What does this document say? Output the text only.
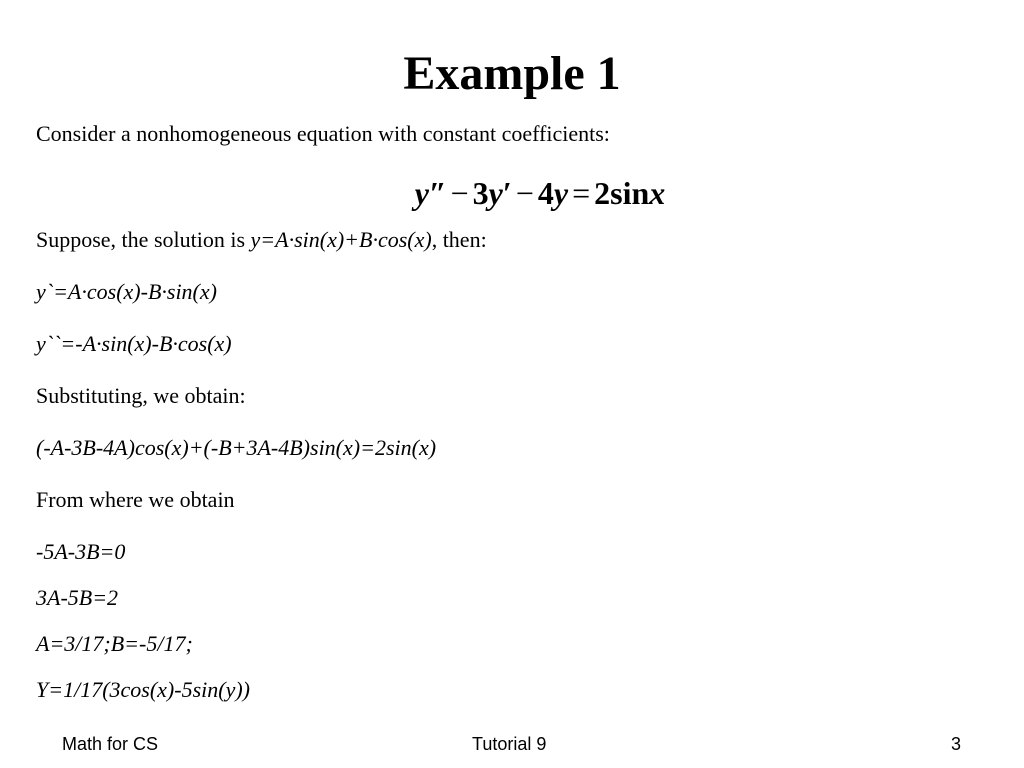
Example 1
Consider a nonhomogeneous equation with constant coefficients:
y″ − 3y′ − 4y = 2sinx
Suppose, the solution is y=A·sin(x)+B·cos(x), then:
y`=A·cos(x)-B·sin(x)
y``=-A·sin(x)-B·cos(x)
Substituting, we obtain:
(-A-3B-4A)cos(x)+(-B+3A-4B)sin(x)=2sin(x)
From where we obtain
-5A-3B=0
3A-5B=2
A=3/17;B=-5/17;
Y=1/17(3cos(x)-5sin(y))
Math for CS	Tutorial 9	3
